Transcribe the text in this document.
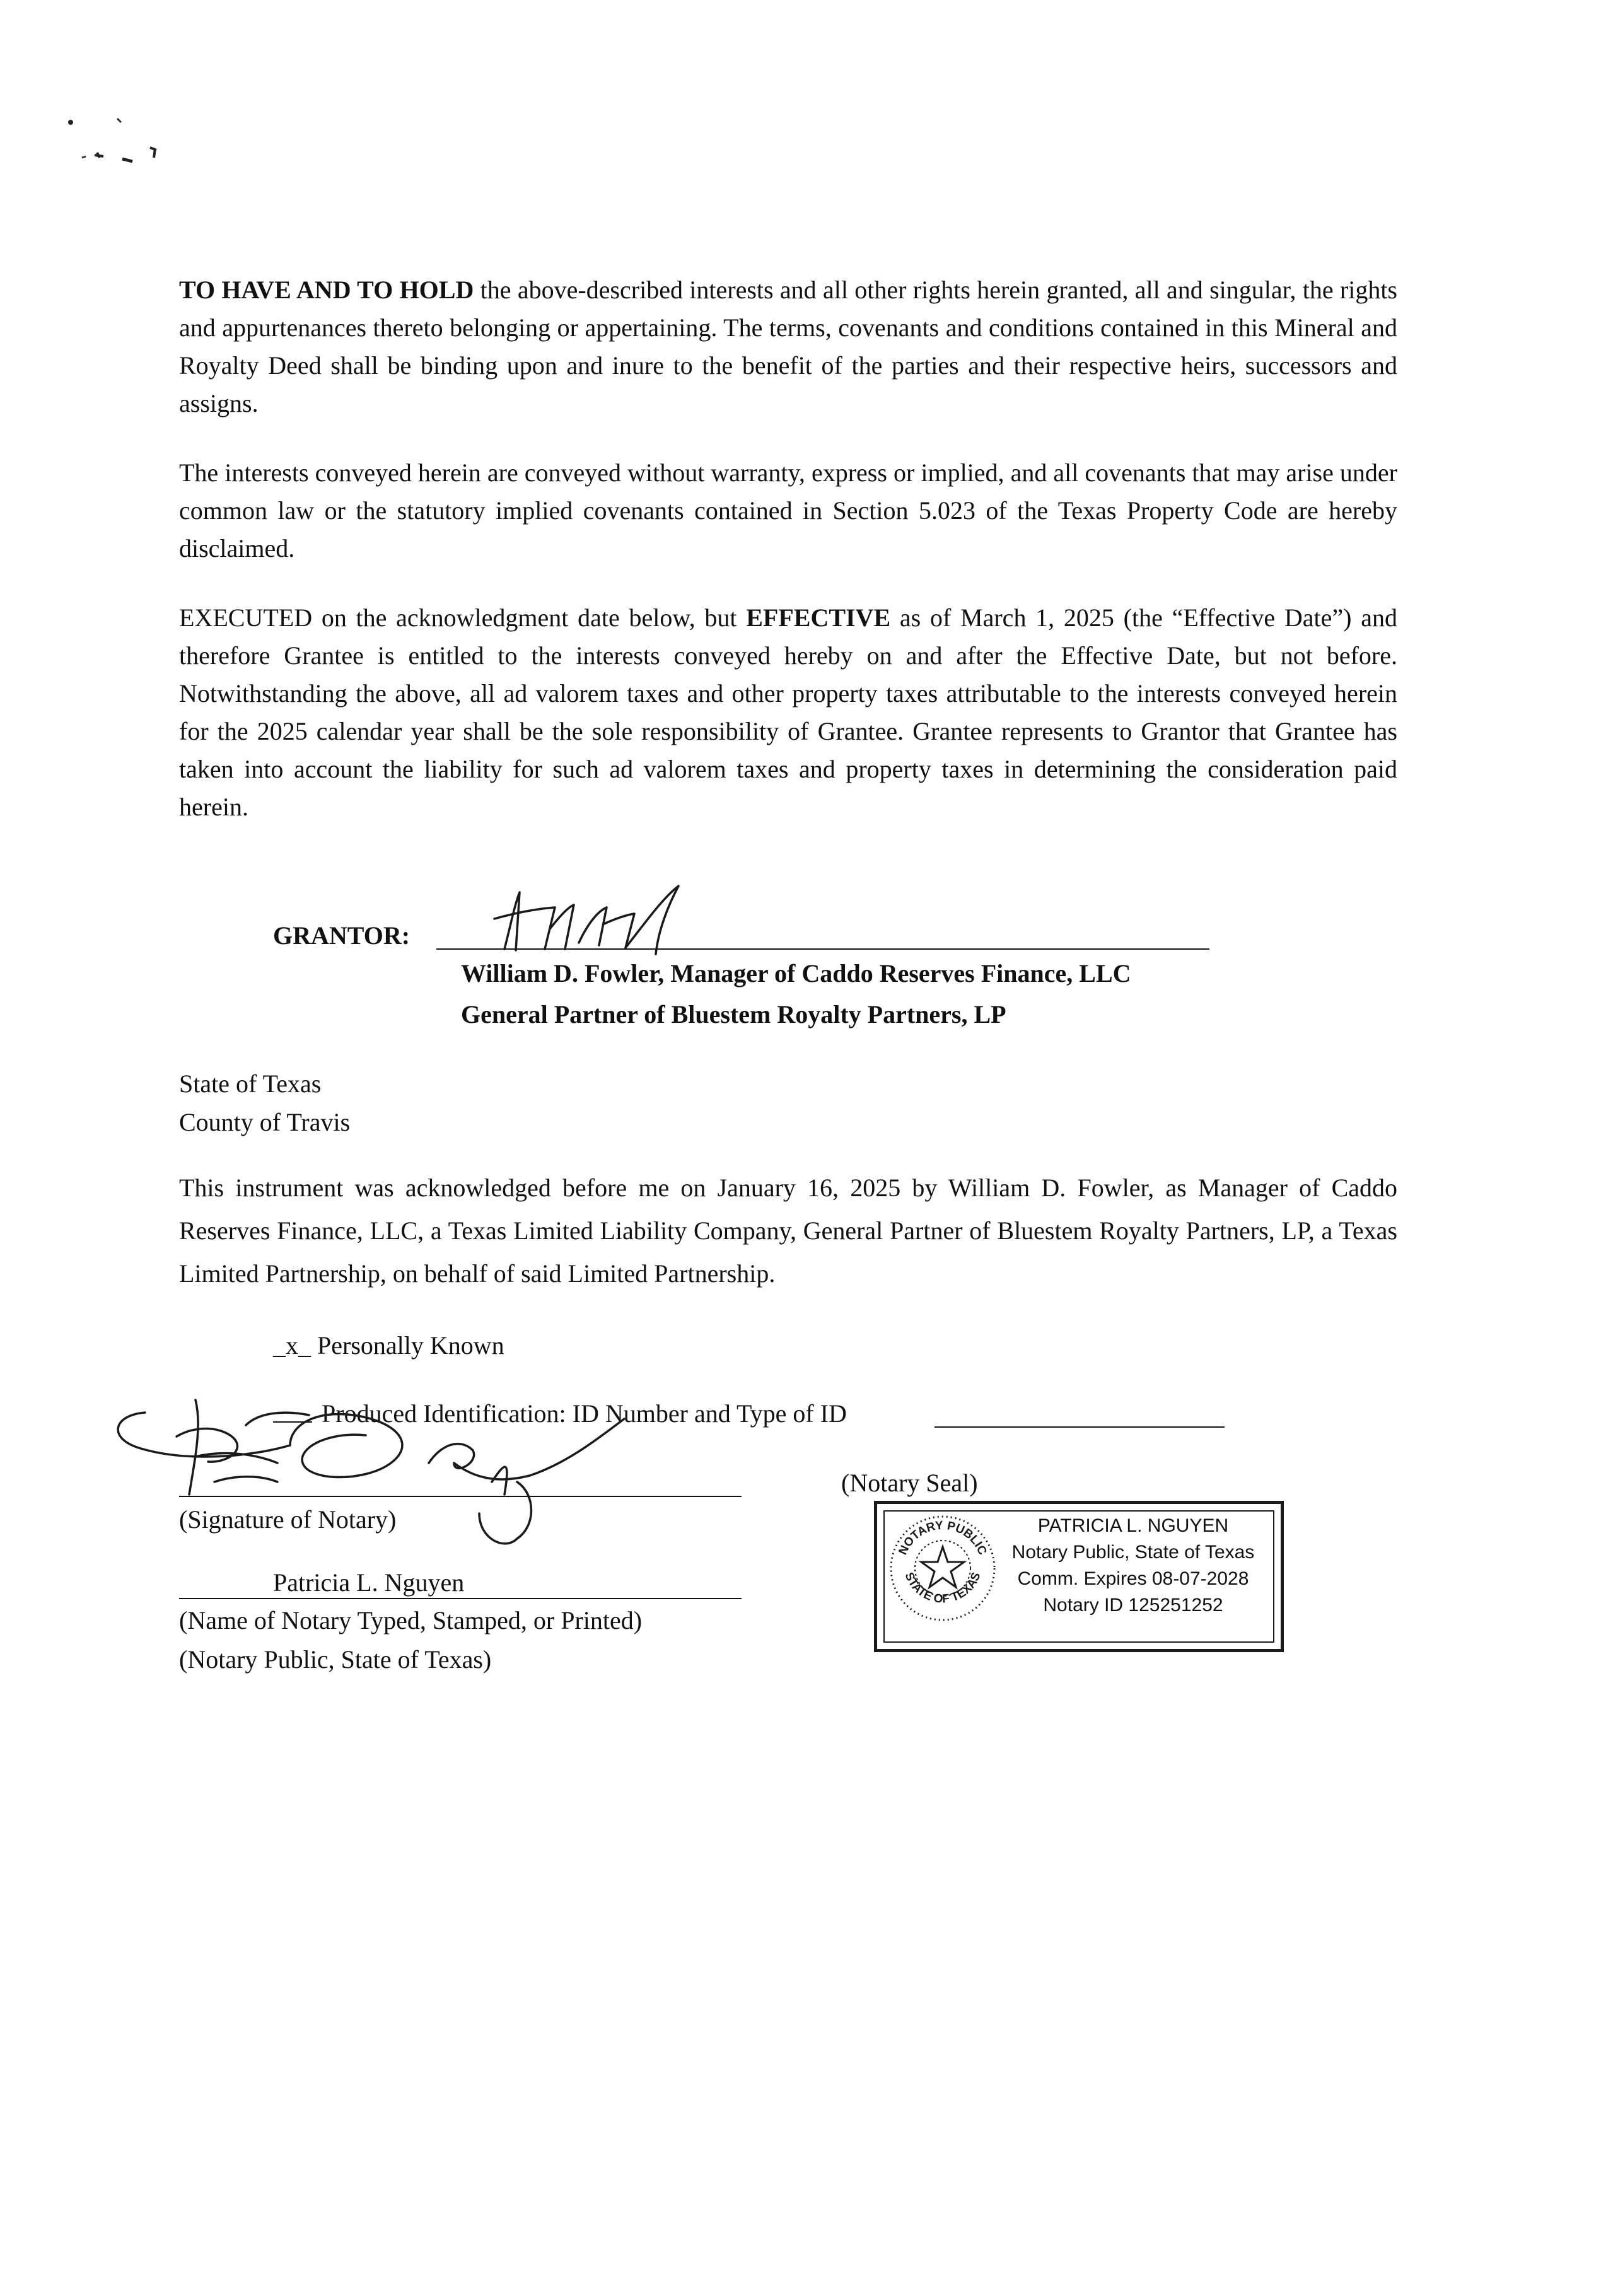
TO HAVE AND TO HOLD the above-described interests and all other rights herein granted, all and singular, the rights and appurtenances thereto belonging or appertaining. The terms, covenants and conditions contained in this Mineral and Royalty Deed shall be binding upon and inure to the benefit of the parties and their respective heirs, successors and assigns.

The interests conveyed herein are conveyed without warranty, express or implied, and all covenants that may arise under common law or the statutory implied covenants contained in Section 5.023 of the Texas Property Code are hereby disclaimed.

EXECUTED on the acknowledgment date below, but EFFECTIVE as of March 1, 2025 (the “Effective Date”) and therefore Grantee is entitled to the interests conveyed hereby on and after the Effective Date, but not before. Notwithstanding the above, all ad valorem taxes and other property taxes attributable to the interests conveyed herein for the 2025 calendar year shall be the sole responsibility of Grantee. Grantee represents to Grantor that Grantee has taken into account the liability for such ad valorem taxes and property taxes in determining the consideration paid herein.

GRANTOR:
William D. Fowler, Manager of Caddo Reserves Finance, LLC
General Partner of Bluestem Royalty Partners, LP
State of Texas
County of Travis

This instrument was acknowledged before me on January 16, 2025 by William D. Fowler, as Manager of Caddo Reserves Finance, LLC, a Texas Limited Liability Company, General Partner of Bluestem Royalty Partners, LP, a Texas Limited Partnership, on behalf of said Limited Partnership.

_x_ Personally Known
Produced Identification: ID Number and Type of ID
(Notary Seal)
(Signature of Notary)
Patricia L. Nguyen
(Name of Notary Typed, Stamped, or Printed)
(Notary Public, State of Texas)
NOTARY PUBLIC
STATE OF TEXAS
PATRICIA L. NGUYEN
Notary Public, State of Texas
Comm. Expires 08-07-2028
Notary ID 125251252
